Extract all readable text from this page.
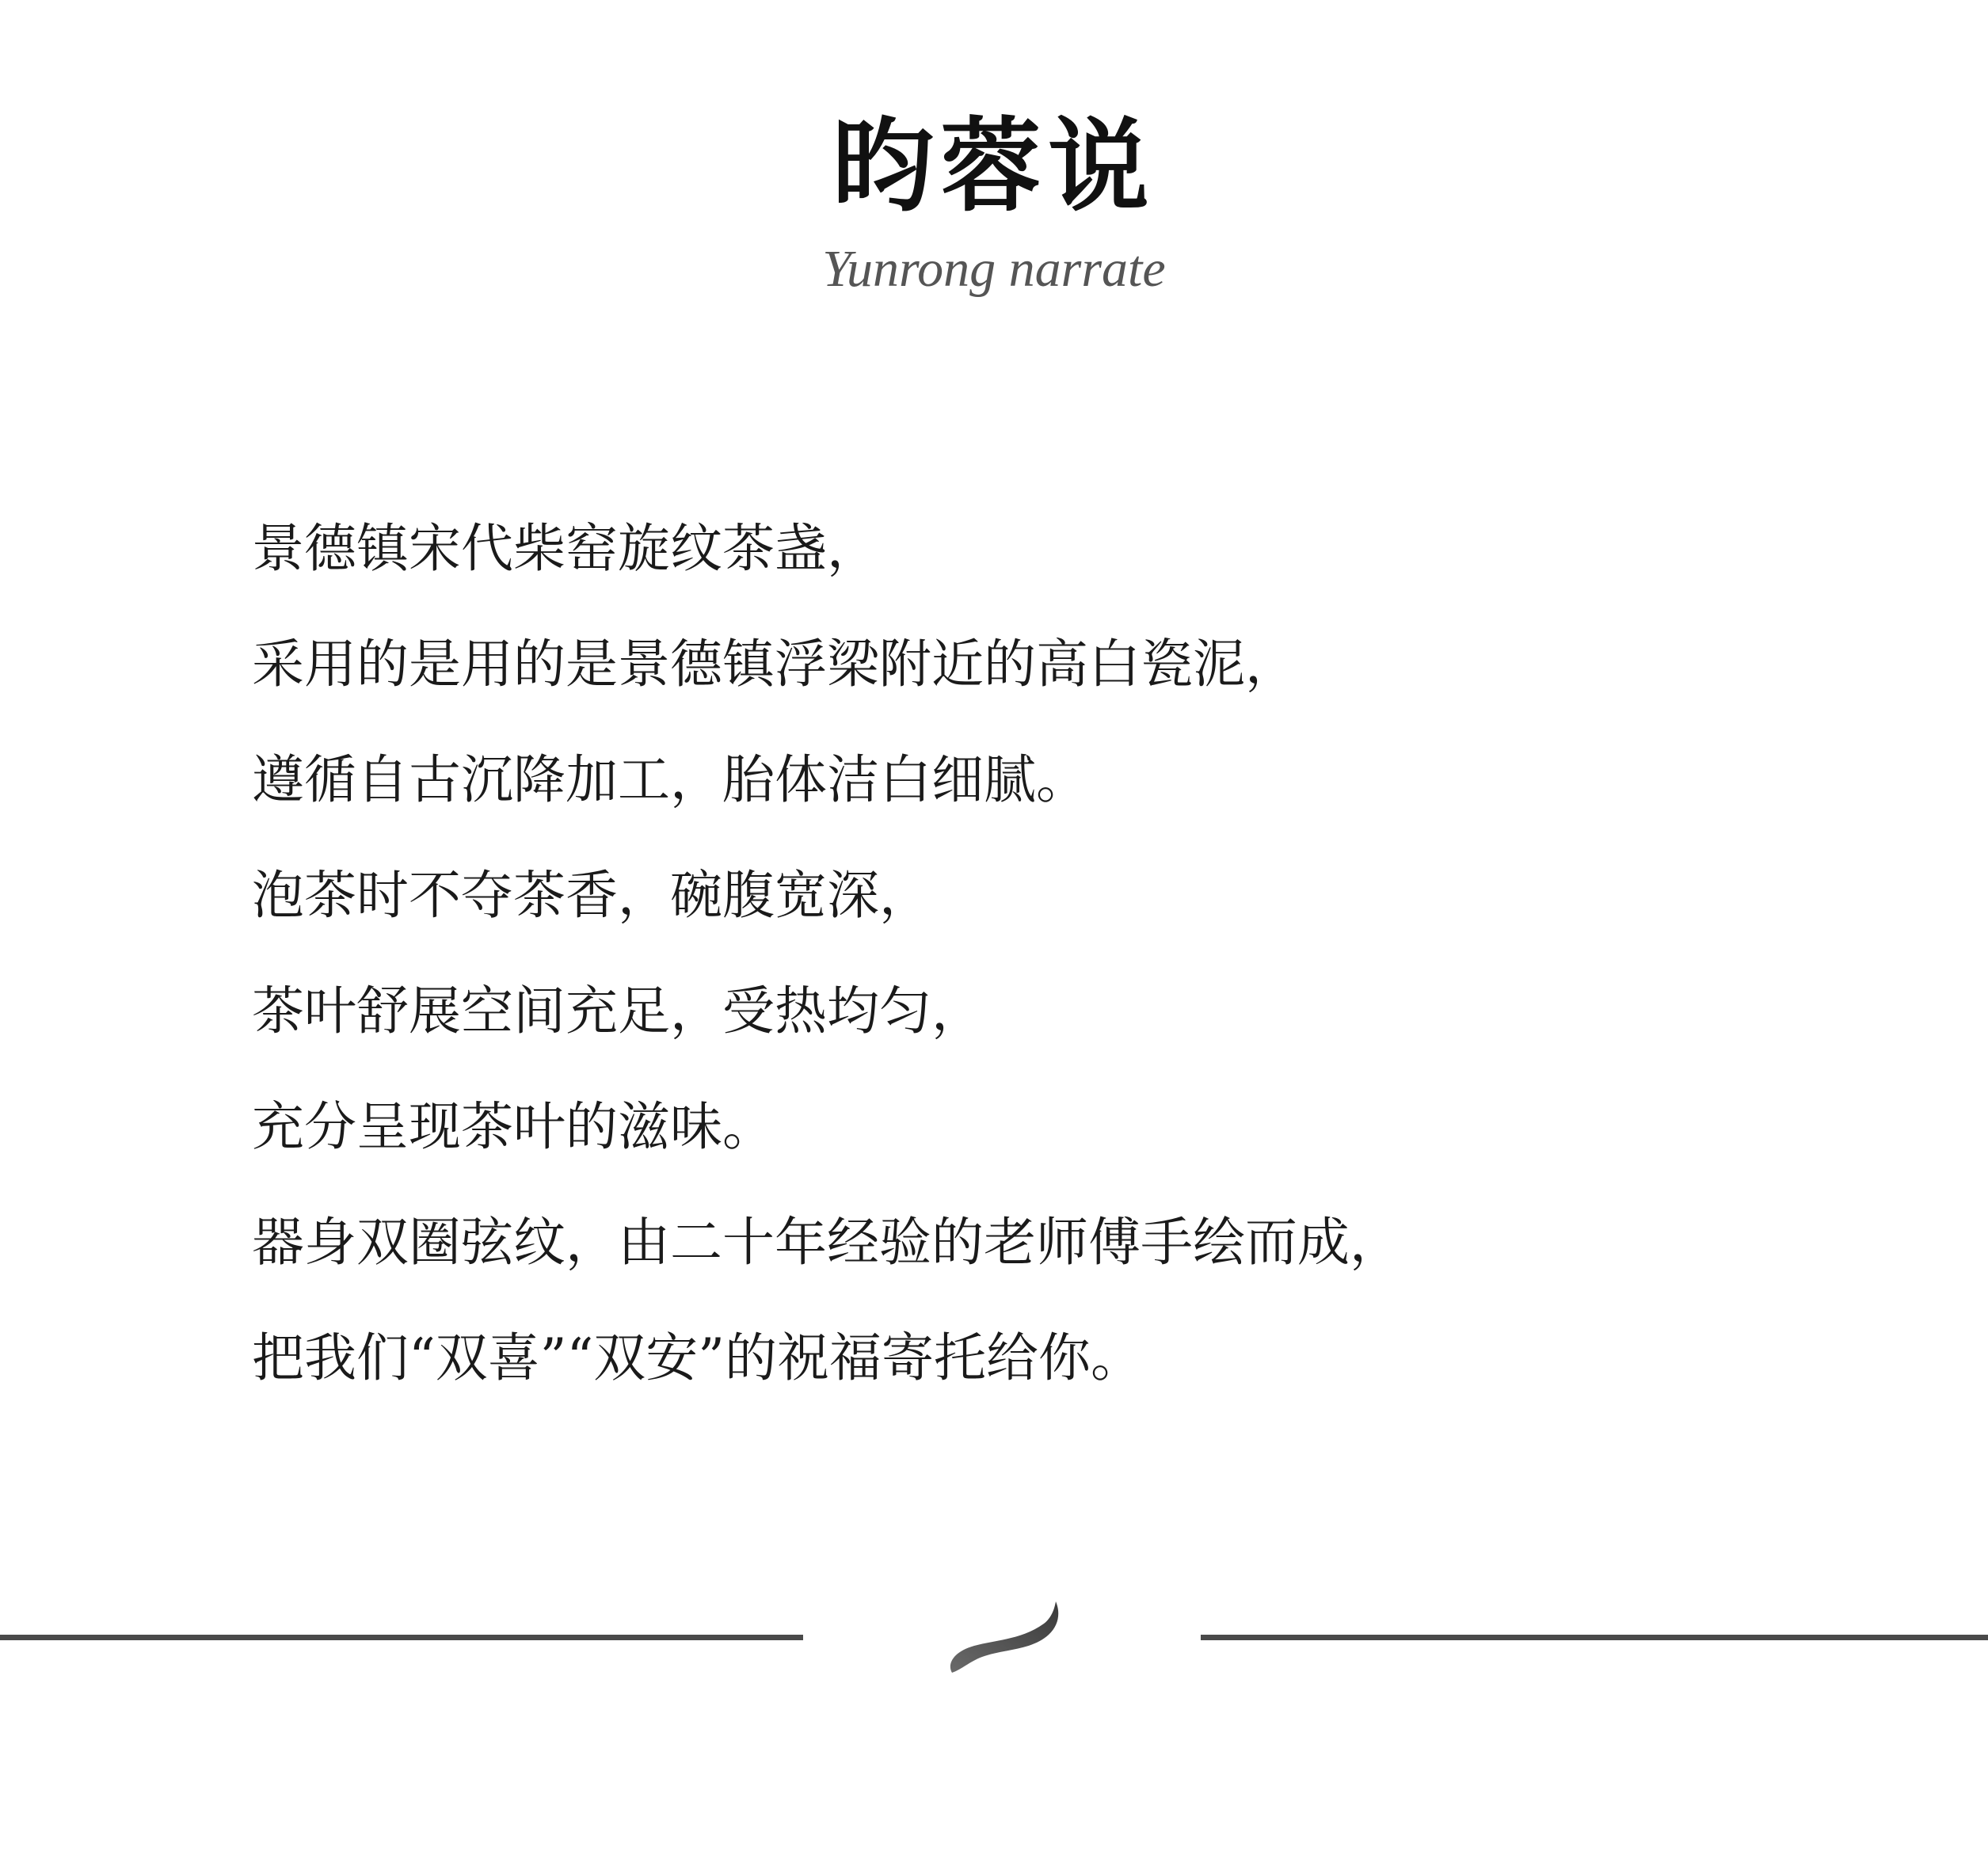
昀蓉说
Yunrong narrate
景德镇宋代柴窑旋纹茶盏，
采用的是用的是景德镇浮梁附近的高白瓷泥，
遵循自古沉降加工，胎体洁白细腻。
泡茶时不夺茶香，碗腹宽深，
茶叶舒展空间充足，受热均匀，
充分呈现茶叶的滋味。
器身双圈弦纹，由二十年经验的老师傅手绘而成，
把我们“双喜”“双安”的祝福寄托给你。
